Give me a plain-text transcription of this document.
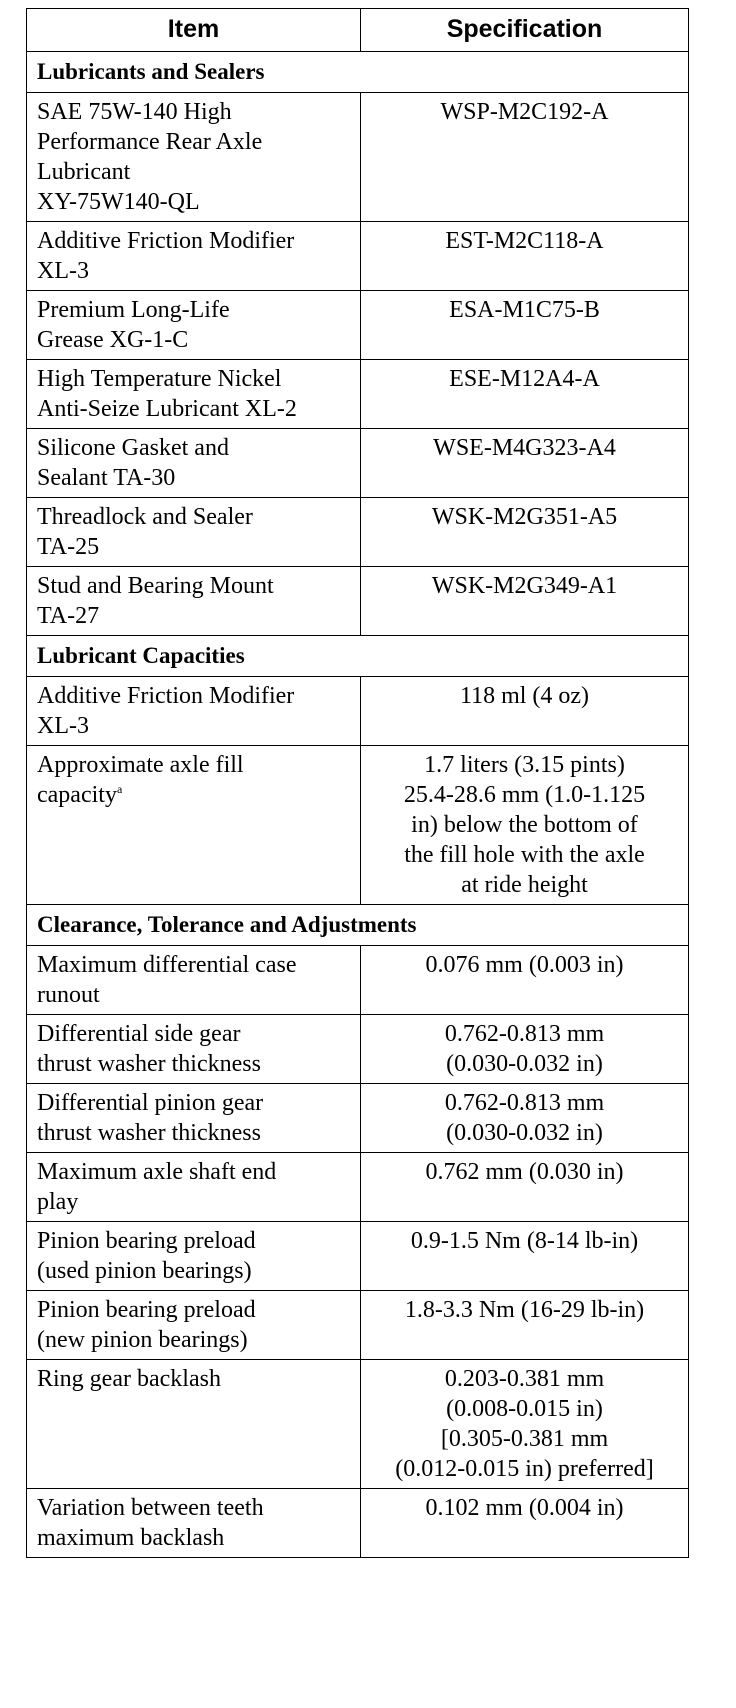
Item	Specification
Lubricants and Sealers	

SAE 75W-140 High
Performance Rear Axle
Lubricant
XY-75W140-QL	WSP-M2C192-A

Additive Friction Modifier
XL-3	EST-M2C118-A

Premium Long-Life
Grease XG-1-C	ESA-M1C75-B

High Temperature Nickel
Anti-Seize Lubricant XL-2	ESE-M12A4-A

Silicone Gasket and
Sealant TA-30	WSE-M4G323-A4

Threadlock and Sealer
TA-25	WSK-M2G351-A5

Stud and Bearing Mount
TA-27	WSK-M2G349-A1

Lubricant Capacities	

Additive Friction Modifier
XL-3	118 ml (4 oz)

Approximate axle fill
capacity$^a$	1.7 liters (3.15 pints)
25.4-28.6 mm (1.0-1.125
in) below the bottom of
the fill hole with the axle
at ride height

Clearance, Tolerance and Adjustments	

Maximum differential case
runout	0.076 mm (0.003 in)

Differential side gear
thrust washer thickness	0.762-0.813 mm
(0.030-0.032 in)

Differential pinion gear
thrust washer thickness	0.762-0.813 mm
(0.030-0.032 in)

Maximum axle shaft end
play	0.762 mm (0.030 in)

Pinion bearing preload
(used pinion bearings)	0.9-1.5 Nm (8-14 lb-in)

Pinion bearing preload
(new pinion bearings)	1.8-3.3 Nm (16-29 lb-in)

Ring gear backlash	0.203-0.381 mm
(0.008-0.015 in)
[0.305-0.381 mm
(0.012-0.015 in) preferred]

Variation between teeth
maximum backlash	0.102 mm (0.004 in)
